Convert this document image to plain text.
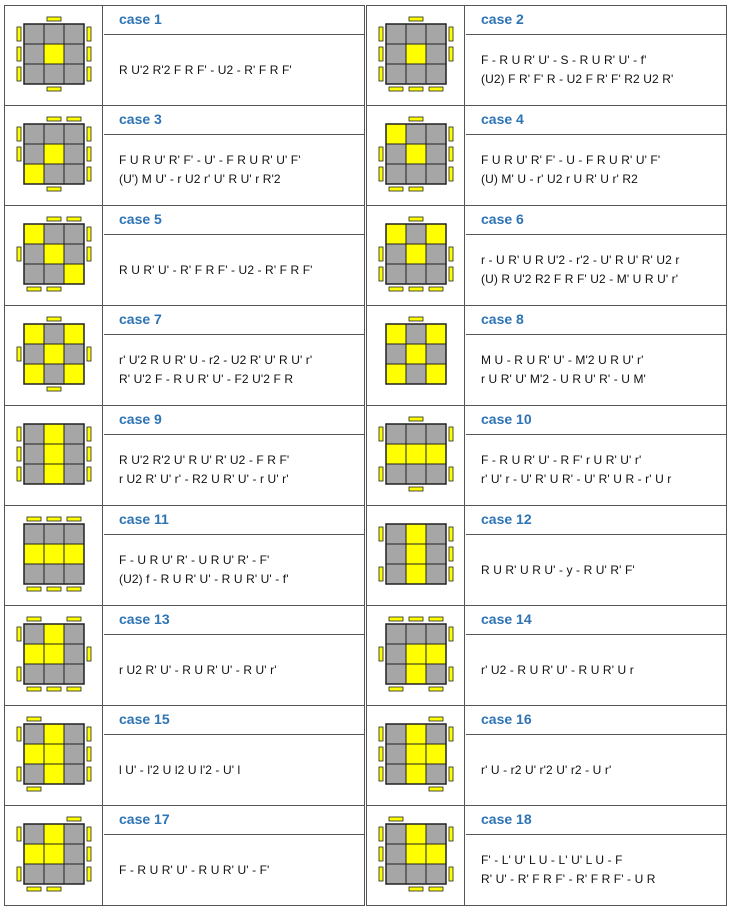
case 1
R U'2 R'2 F R F' - U2 - R' F R F'
case 2
F - R U R' U' - S - R U R' U' - f'
(U2) F R' F' R - U2 F R' F' R2 U2 R'
case 3
F U R U' R' F' - U' - F R U R' U' F'
(U') M U' - r U2 r' U' R U' r R'2
case 4
F U R U' R' F' - U - F R U R' U' F'
(U) M' U - r' U2 r U R' U r' R2
case 5
R U R' U' - R' F R F' - U2 - R' F R F'
case 6
r - U R' U R U'2 - r'2 - U' R U' R' U2 r
(U) R U'2 R2 F R F' U2 - M' U R U' r'
case 7
r' U'2 R U R' U - r2 - U2 R' U' R U' r'
R' U'2 F - R U R' U' - F2 U'2 F R
case 8
M U - R U R' U' - M'2 U R U' r'
r U R' U' M'2 - U R U' R' - U M'
case 9
R U'2 R'2 U' R U' R' U2 - F R F'
r U2 R' U' r' - R2 U R' U' - r U' r'
case 10
F - R U R' U' - R F' r U R' U' r'
r' U' r - U' R' U R' - U' R' U R - r' U r
case 11
F - U R U' R' - U R U' R' - F'
(U2) f - R U R' U' - R U R' U' - f'
case 12
R U R' U R U' - y - R U' R' F'
case 13
r U2 R' U' - R U R' U' - R U' r'
case 14
r' U2 - R U R' U' - R U R' U r
case 15
l U' - l'2 U l2 U l'2 - U' l
case 16
r' U - r2 U' r'2 U' r2 - U r'
case 17
F - R U R' U' - R U R' U' - F'
case 18
F' - L' U' L U - L' U' L U - F
R' U' - R' F R F' - R' F R F' - U R
